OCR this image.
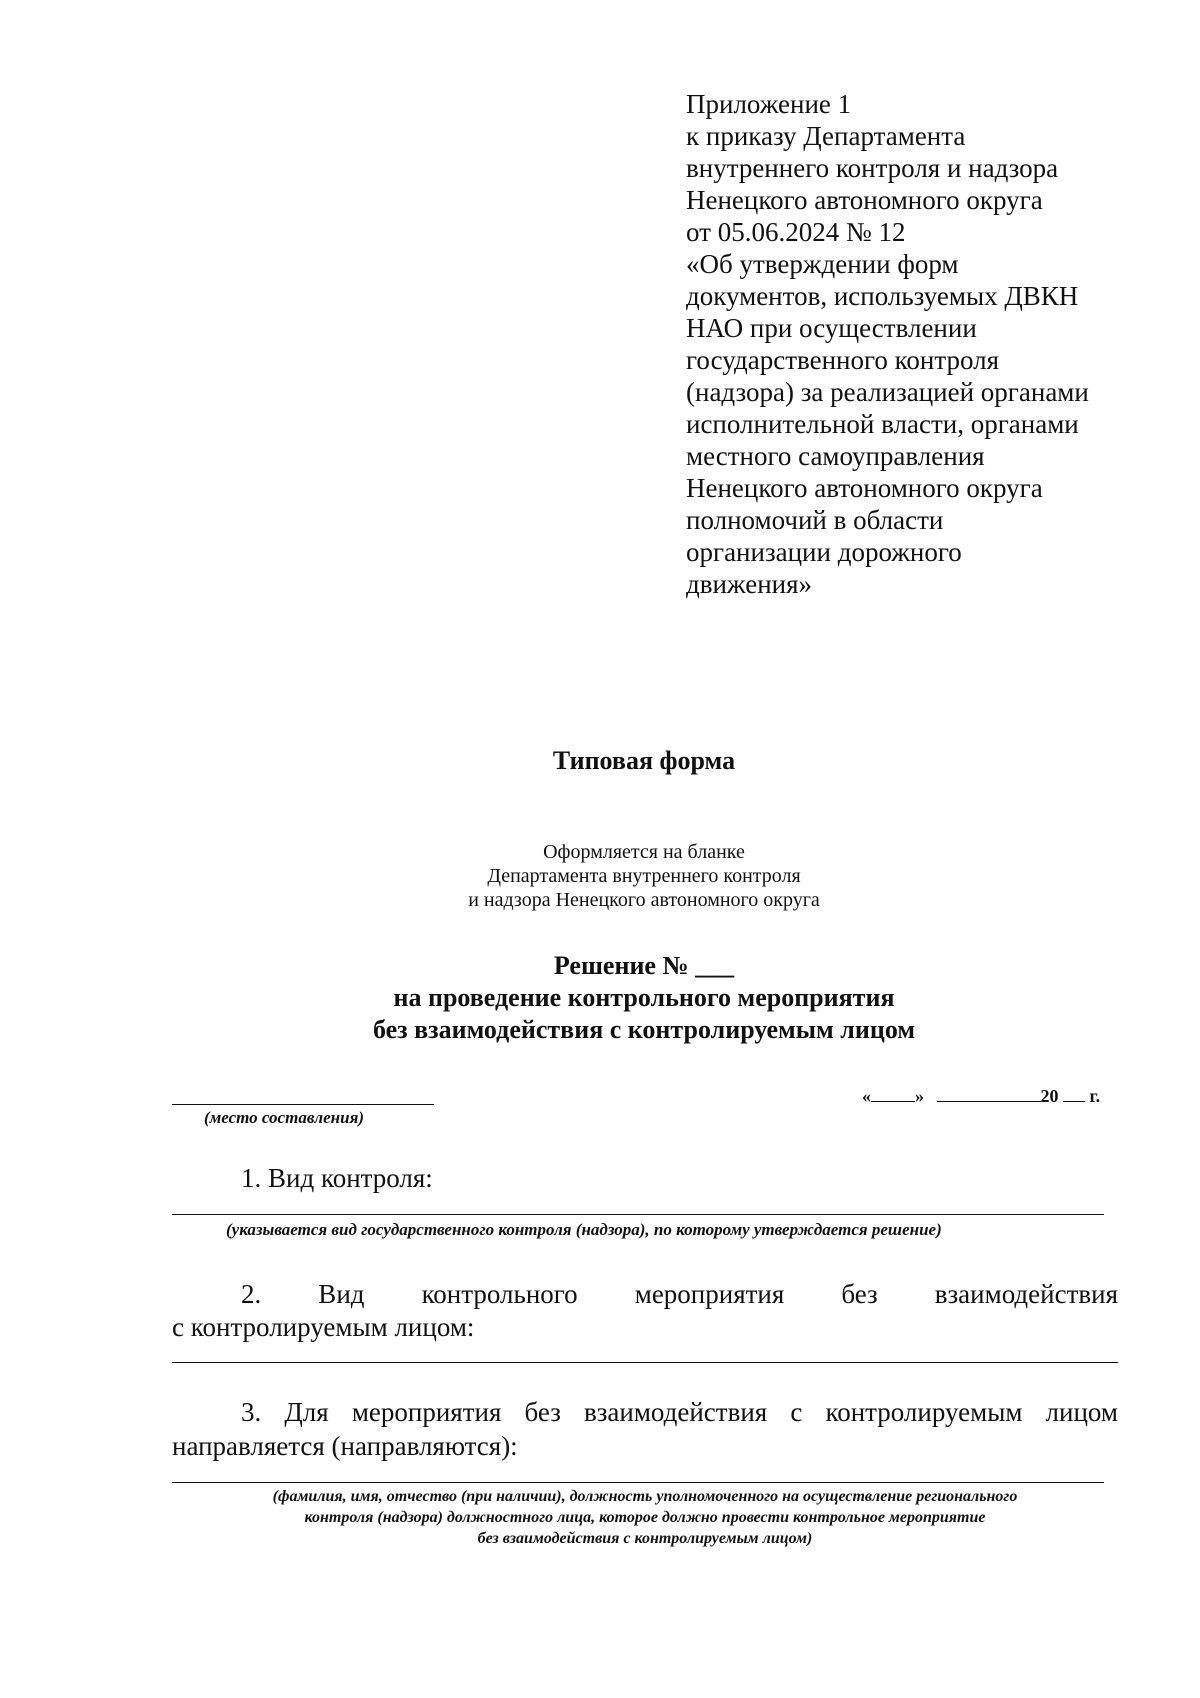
Приложение 1
к приказу Департамента
внутреннего контроля и надзора
Ненецкого автономного округа
от 05.06.2024 № 12
«Об утверждении форм
документов, используемых ДВКН
НАО при осуществлении
государственного контроля
(надзора) за реализацией органами
исполнительной власти, органами
местного самоуправления
Ненецкого автономного округа
полномочий в области
организации дорожного
движения»
Типовая форма
Оформляется на бланке
Департамента внутреннего контроля
и надзора Ненецкого автономного округа
Решение № ___
на проведение контрольного мероприятия
без взаимодействия с контролируемым лицом
(место составления)
« »	20 г.
1. Вид контроля:
(указывается вид государственного контроля (надзора), по которому утверждается решение)
2. Вид контрольного мероприятия без взаимодействия
с контролируемым лицом:
3. Для мероприятия без взаимодействия с контролируемым лицом
направляется (направляются):
(фамилия, имя, отчество (при наличии), должность уполномоченного на осуществление регионального
контроля (надзора) должностного лица, которое должно провести контрольное мероприятие
без взаимодействия с контролируемым лицом)
